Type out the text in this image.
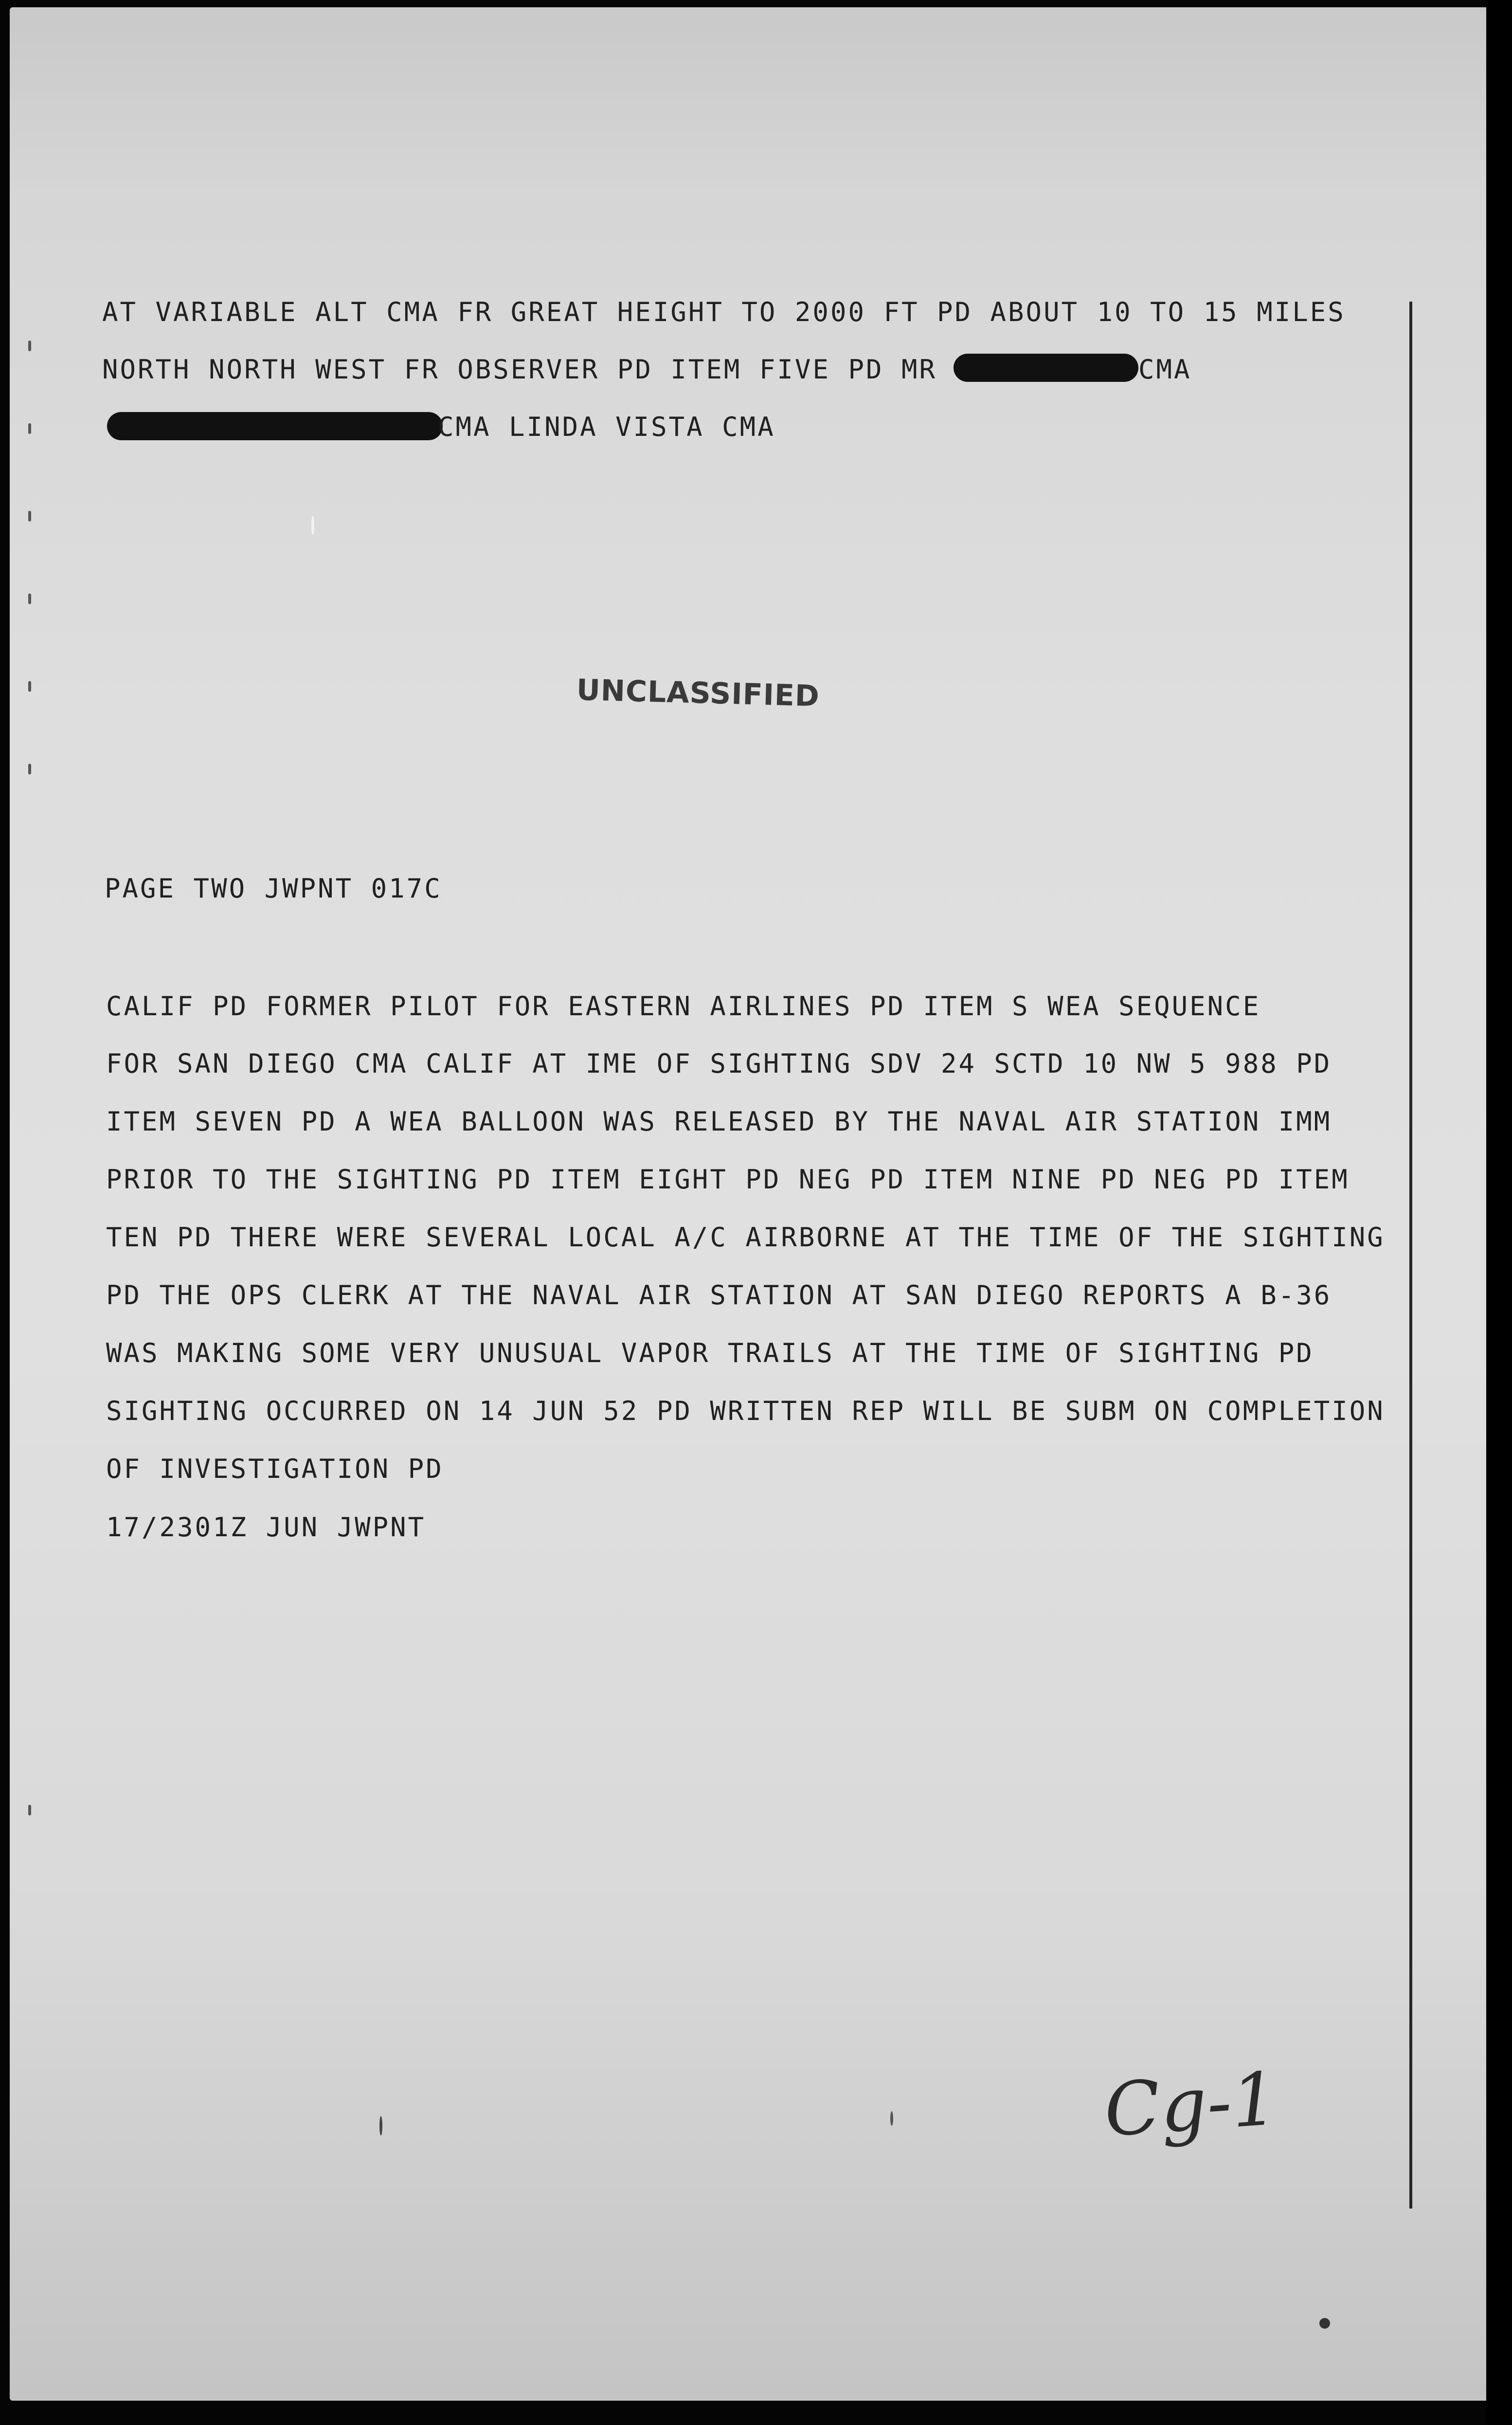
AT VARIABLE ALT CMA FR GREAT HEIGHT TO 2000 FT PD ABOUT 10 TO 15 MILES
NORTH NORTH WEST FR OBSERVER PD ITEM FIVE PD MR	CMA
CMA LINDA VISTA CMA
UNCLASSIFIED
PAGE TWO JWPNT 017C
CALIF PD FORMER PILOT FOR EASTERN AIRLINES PD ITEM S WEA SEQUENCE
FOR SAN DIEGO CMA CALIF AT IME OF SIGHTING SDV 24 SCTD 10 NW 5 988 PD
ITEM SEVEN PD A WEA BALLOON WAS RELEASED BY THE NAVAL AIR STATION IMM
PRIOR TO THE SIGHTING PD ITEM EIGHT PD NEG PD ITEM NINE PD NEG PD ITEM
TEN PD THERE WERE SEVERAL LOCAL A/C AIRBORNE AT THE TIME OF THE SIGHTING
PD THE OPS CLERK AT THE NAVAL AIR STATION AT SAN DIEGO REPORTS A B-36
WAS MAKING SOME VERY UNUSUAL VAPOR TRAILS AT THE TIME OF SIGHTING PD
SIGHTING OCCURRED ON 14 JUN 52 PD WRITTEN REP WILL BE SUBM ON COMPLETION
OF INVESTIGATION PD
17/2301Z JUN JWPNT
Cg-1
